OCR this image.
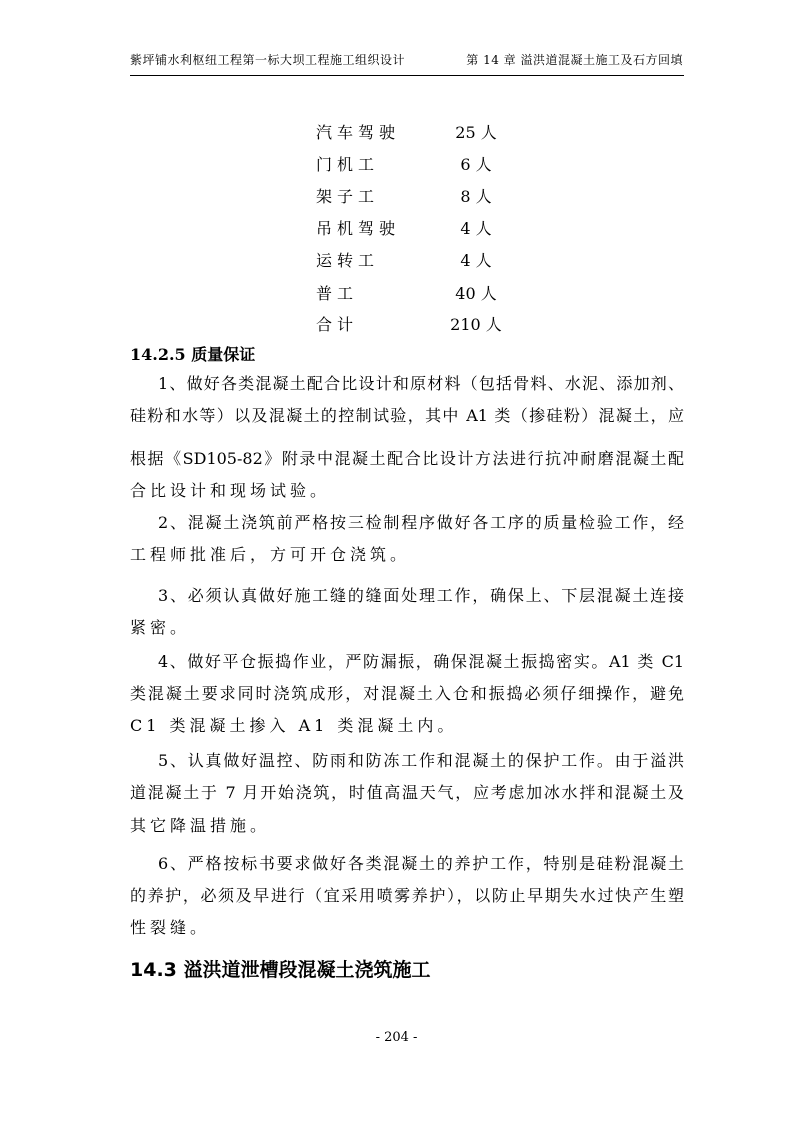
紫坪铺水利枢纽工程第一标大坝工程施工组织设计	第 14 章 溢洪道混凝土施工及石方回填
汽车驾驶	25 人
门机工	6 人
架子工	8 人
吊机驾驶	4 人
运转工	4 人
普工	40 人
合计	210 人
14.2.5 质量保证
1、做好各类混凝土配合比设计和原材料（包括骨料、水泥、添加剂、
硅粉和水等）以及混凝土的控制试验，其中 A1 类（掺硅粉）混凝土，应
根据《SD105-82》附录中混凝土配合比设计方法进行抗冲耐磨混凝土配
合比设计和现场试验。
2、混凝土浇筑前严格按三检制程序做好各工序的质量检验工作，经
工程师批准后，方可开仓浇筑。
3、必须认真做好施工缝的缝面处理工作，确保上、下层混凝土连接
紧密。
4、做好平仓振捣作业，严防漏振，确保混凝土振捣密实。A1 类 C1
类混凝土要求同时浇筑成形，对混凝土入仓和振捣必须仔细操作，避免
C1 类混凝土掺入 A1 类混凝土内。
5、认真做好温控、防雨和防冻工作和混凝土的保护工作。由于溢洪
道混凝土于 7 月开始浇筑，时值高温天气，应考虑加冰水拌和混凝土及
其它降温措施。
6、严格按标书要求做好各类混凝土的养护工作，特别是硅粉混凝土
的养护，必须及早进行（宜采用喷雾养护），以防止早期失水过快产生塑
性裂缝。
14.3 溢洪道泄槽段混凝土浇筑施工
- 204 -
